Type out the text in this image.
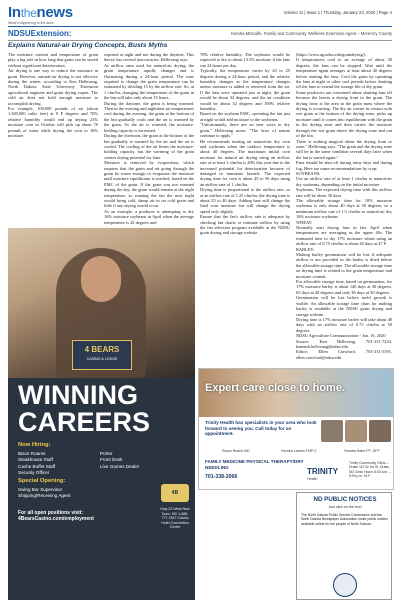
Inthenews
What's happening in the area
Volume 11 | Issue 1 | Thursday, January 23, 2020 | Page 4
NDSUExtension:	Kendra Metcalfe, Family and Community Wellness Extension Agent – McHenry County
Explains Natural-air Drying Concepts, Busts Myths

The moisture content and temperature of grain play a big role in how long that grain can be stored without significant deterioration.

Air drying is one way to reduce the moisture in grain. However, natural-air drying is not effective during the winter, according to Ken Hellevang, North Dakota State University Extension agricultural engineer and grain drying expert. The cold air does not hold enough moisture to accomplish drying.

For example, 100,000 pounds of air (about 1,300,000 cubic feet) at 0 F degrees and 70% relative humidity would end up drying 23% moisture corn in October will pick up about 70 pounds of water while drying the corn to 16% moisture.

exposed at night and not during the daytime. This theory has several inaccuracies, Hellevang says.

As airflow rates used for natural-air drying, the grain temperature rapidly changes and is fluctuating during a 24-hour period. The time required to change the grain temperature can be estimated by dividing 15 by the airflow rate. So, at 1 cfm/bu, changing the temperature of the grain in the bin will take only about 15 hours.

During the daytime, the grain is being warmed. Then in the evening and nighttime air temperatures cool during the evening, the grain at the bottom of the bin gradually cools and the air is warmed by the grain. As the air is warmed, the moisture-holding capacity is increased.

During the forenoon, the grain at the bottom of the bin gradually is warmed by the air and the air is cooled. The cooling of the air limits the moisture-holding capacity, but the warming of the grain creates drying potential for later.

Moisture is removed by evaporation, which requires that the grain and air going through the grain be warm enough to evaporate the moisture until moisture equilibrium is reached, based on the EMC of the grain. If the grain was not warmed during the day, the grain would remain at the night temperature, so running the fan the next night would bring cold, damp air in on cold grain and little if any drying would occur.

As an example, a producer is attempting to dry 16% moisture soybeans in April when the average temperature is 42 degrees and

70% relative humidity. The soybeans would be expected to dry to about 13.5% moisture if the fans run 24 hours per day.

Typically, the temperature varies by 20 to 25 degrees during a 24-hour period, and the relative humidity changes as the temperature changes unless moisture is added or removed from the air. If the fans were operated just at night, the grain would be about 32 degrees, and the air condition would be about 32 degrees and 100% relative humidity.

Based on the soybean EMC, operating the fan just at night would add moisture to the soybeans.

"Unfortunately, there are no new ways to dry grain," Hellevang notes. "The laws of nature continue to apply."

He recommends turning on natural-air dry corn and soybeans when the outdoor temperature is about 40 degrees. The maximum initial corn moisture for natural air drying using an airflow rate of at least 1 cfm/bu is 20% this year due to the increased potential for deterioration because of damaged or immature kernels. The expected drying time for corn is about 45 to 50 days using an airflow rate of 1 cfm/bu.

Drying time is proportional to the airflow rate, so at an airflow rate of 1.25 cfm/bu, the drying time is about 35 to 40 days. Adding heat will change the final corn moisture but will change the drying speed only slightly.

Ensure that the fan's airflow rate is adequate by checking fan charts or estimate airflow by using the fan selection program available at the NDSU grain drying and storage website

(https://www.ag.ndsu.edu/graindrying/).

If temperatures cool to an average of about 30 degrees, the fans can be stopped. Wait until the temperature again averages at least about 40 degrees before starting the fans. Cool the grain by operating the fans at night or other cool periods before shutting off the fans to extend the storage life of dry grain.

Some producers are concerned about shutting fans off because the leaves a drying front in the grain. The drying front is the area in the grain mass where the drying is occurring. The dry air comes in contact with wet grain at the bottom of the drying zone, picks up moisture until it comes into equilibrium with the grain in the drying zone and then carries the moisture through the wet grain above the drying zone and out of the bin.

There is nothing magical about the drying front or zone," Hellevang says. "The grain and the drying zone will be in the same condition several days later when the fan is started again."

Fans should be shut off during rainy days and during fog. Here are some recommendations by crop:

SOYBEANS:

Use an airflow rate of at least 1 cfm/bu to natural-air dry soybeans, depending on the initial moisture.

Soybeans. The expected drying time with this airflow rate will be about 30 days.

The allowable storage time for 18% moisture soybeans is only about 40 days at 50 degrees, so a minimum airflow rate of 1.5 cfm/bu to natural-air dry 16% moisture soybeans.

WHEAT:

Normally start drying fans in late April when temperatures are averaging in the upper 40s. The estimated time to dry 17% moisture wheat using an airflow rate of 0.75 cfm/bu is about 40 days at 47 F.

BARLEY:

Malting barley germination will be lost if adequate airflow is not provided so the barley is dried before the allowable storage time. The allowable storage time on drying time is related to the grain temperature and moisture content.

For allowable storage time, based on germination, for 17% moisture barley is about 140 days at 30 degrees, 65 days at 40 degrees and only 30 days at 50 degrees.

Germination will be lost before mold growth is visible. An allowable storage time chart for malting barley is available at the NDSU grain drying and storage website.

Drying time is 17% moisture barley will take about 40 days with an airflow rate of 0.75 cfm/bu at 50 degrees.

NDSU Agriculture Communication - Jan. 16, 2020

Source: Ken Hellevang, 701-231-7243, kenneth.hellevang@ndsu.edu

Editor: Ellen Crawford, 701-231-5391, ellen.crawford@ndsu.edu

4 BEARS
CASINO & LODGE
WINNING
CAREERS
Now Hiring:
Bison Roams
Steakhouse Staff
Cache Buffet Staff
Security Officer
Porter
Front Desk
Live Games Dealer
Special Opening:
Swing Bar Supervisor
Shipping/Receiving Agent
For all open positions visit: 4BearsCasino.com/employment
4B
Hwy 23 West New Town, ND 1-888-777-7847 Casino Hotel Convention Center
Expert care close to home.
Trinity Health has specialists in your area who look forward to seeing you. Call today for an appointment.
Bruce Roach MD	Kendra Larsen FNP-C	Sondra Hahn PT, DPT
FAMILY MEDICINE PHYSICAL THERAPY/DRY NEEDLING
701-338-2066
TRINITY
Health
Trinity Community Clinic – Drake 112 W 1st St, Drake, ND Clinic Hours 8:00 a.m. – 5:00 p.m. M-F
ND PUBLIC NOTICES
Just click on the box!
The North Dakota Public Service Commission and the North Dakota Newspaper Association make public notices available online for the people of North Dakota.
